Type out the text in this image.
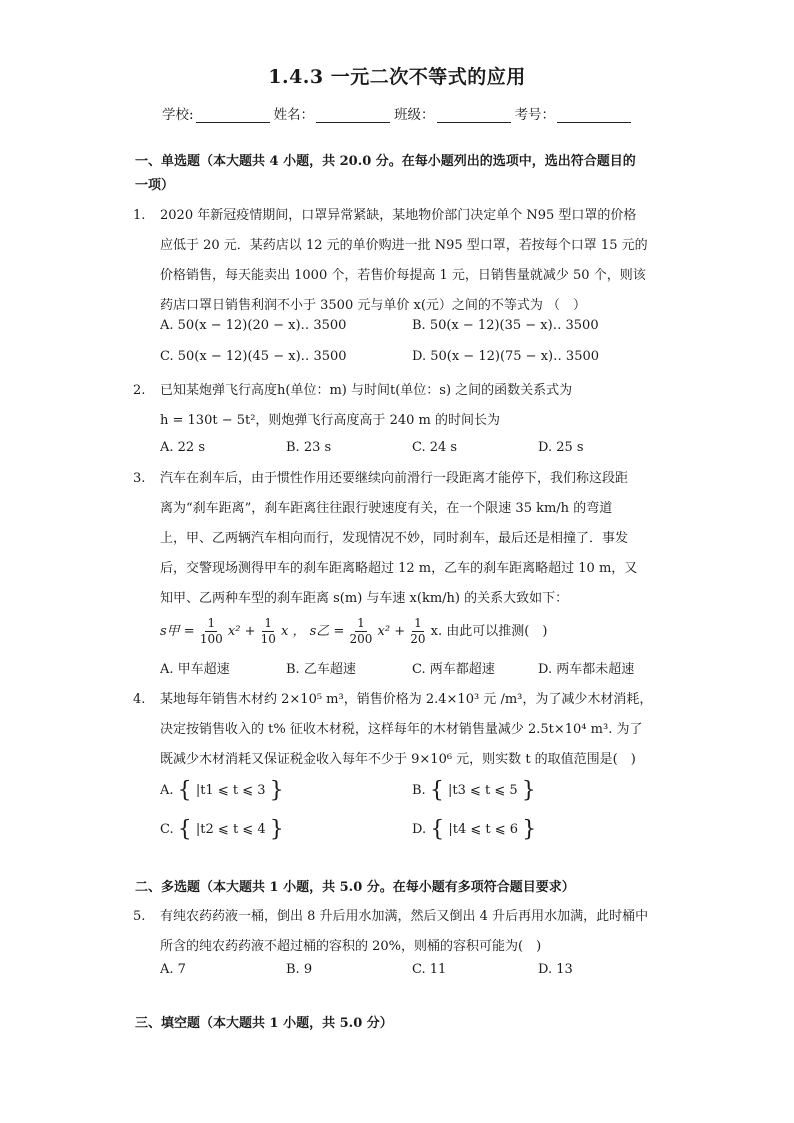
1.4.3 一元二次不等式的应用
学校:	姓名：	班级：	考号：
一、单选题（本大题共 4 小题，共 20.0 分。在每小题列出的选项中，选出符合题目的
一项）
1.	2020 年新冠疫情期间，口罩异常紧缺，某地物价部门决定单个 N95 型口罩的价格
应低于 20 元．某药店以 12 元的单价购进一批 N95 型口罩，若按每个口罩 15 元的
价格销售，每天能卖出 1000 个，若售价每提高 1 元，日销售量就减少 50 个，则该
药店口罩日销售利润不小于 3500 元与单价 x(元）之间的不等式为 （　）
A. 50(x − 12)(20 − x)‥ 3500	B. 50(x − 12)(35 − x)‥ 3500
C. 50(x − 12)(45 − x)‥ 3500	D. 50(x − 12)(75 − x)‥ 3500
2.	已知某炮弹飞行高度h(单位：m) 与时间t(单位：s) 之间的函数关系式为
h = 130t − 5t²，则炮弹飞行高度高于 240 m 的时间长为
A. 22 s	B. 23 s	C. 24 s	D. 25 s
3.	汽车在刹车后，由于惯性作用还要继续向前滑行一段距离才能停下，我们称这段距
离为“刹车距离”，刹车距离往往跟行驶速度有关，在一个限速 35 km/h 的弯道
上，甲、乙两辆汽车相向而行，发现情况不妙，同时刹车，最后还是相撞了．事发
后，交警现场测得甲车的刹车距离略超过 12 m，乙车的刹车距离略超过 10 m，又
知甲、乙两种车型的刹车距离 s(m) 与车速 x(km/h) 的关系大致如下：
s甲 = $\frac{1}{100} x^2 + \frac{1}{10}$ x ， s乙 = $\frac{1}{200} x^2 + \frac{1}{20} x$. 由此可以推测(　)
A. 甲车超速	B. 乙车超速	C. 两车都超速	D. 两车都未超速
4.	某地每年销售木材约 2×10⁵ m³，销售价格为 2.4×10³ 元 /m³，为了减少木材消耗，
决定按销售收入的 t% 征收木材税，这样每年的木材销售量减少 2.5t×10⁴ m³. 为了
既减少木材消耗又保证税金收入每年不少于 9×10⁶ 元，则实数 t 的取值范围是(　)
A. { |t1 ⩽ t ⩽ 3 }	B. { |t3 ⩽ t ⩽ 5 }
C. { |t2 ⩽ t ⩽ 4 }	D. { |t4 ⩽ t ⩽ 6 }
二、多选题（本大题共 1 小题，共 5.0 分。在每小题有多项符合题目要求）
5.	有纯农药药液一桶，倒出 8 升后用水加满，然后又倒出 4 升后再用水加满，此时桶中
所含的纯农药药液不超过桶的容积的 20%，则桶的容积可能为(　)
A. 7	B. 9	C. 11	D. 13
三、填空题（本大题共 1 小题，共 5.0 分）
